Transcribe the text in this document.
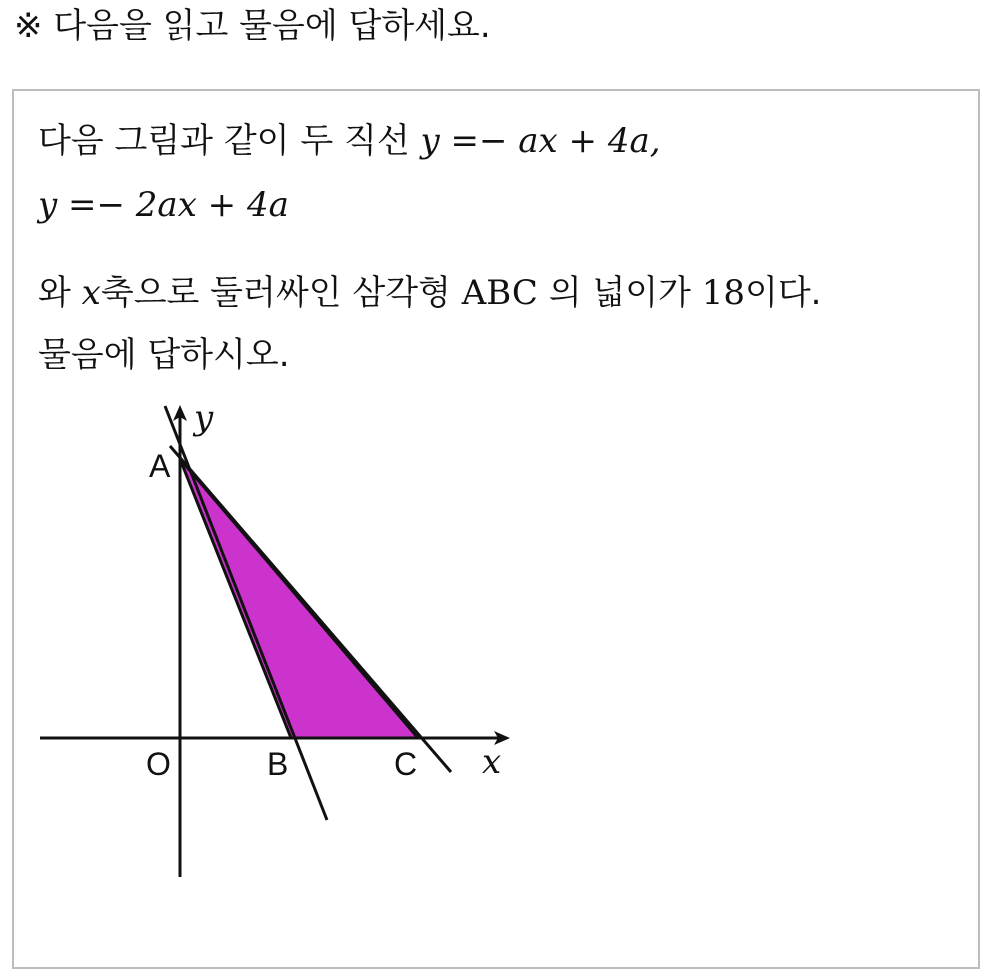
※ 다음을 읽고 물음에 답하세요.
다음 그림과 같이 두 직선 y =− ax + 4a,
y =− 2ax + 4a
와 x축으로 둘러싸인 삼각형 ABC 의 넓이가 18이다.
물음에 답하시오.
y
x
A
O	B	C
